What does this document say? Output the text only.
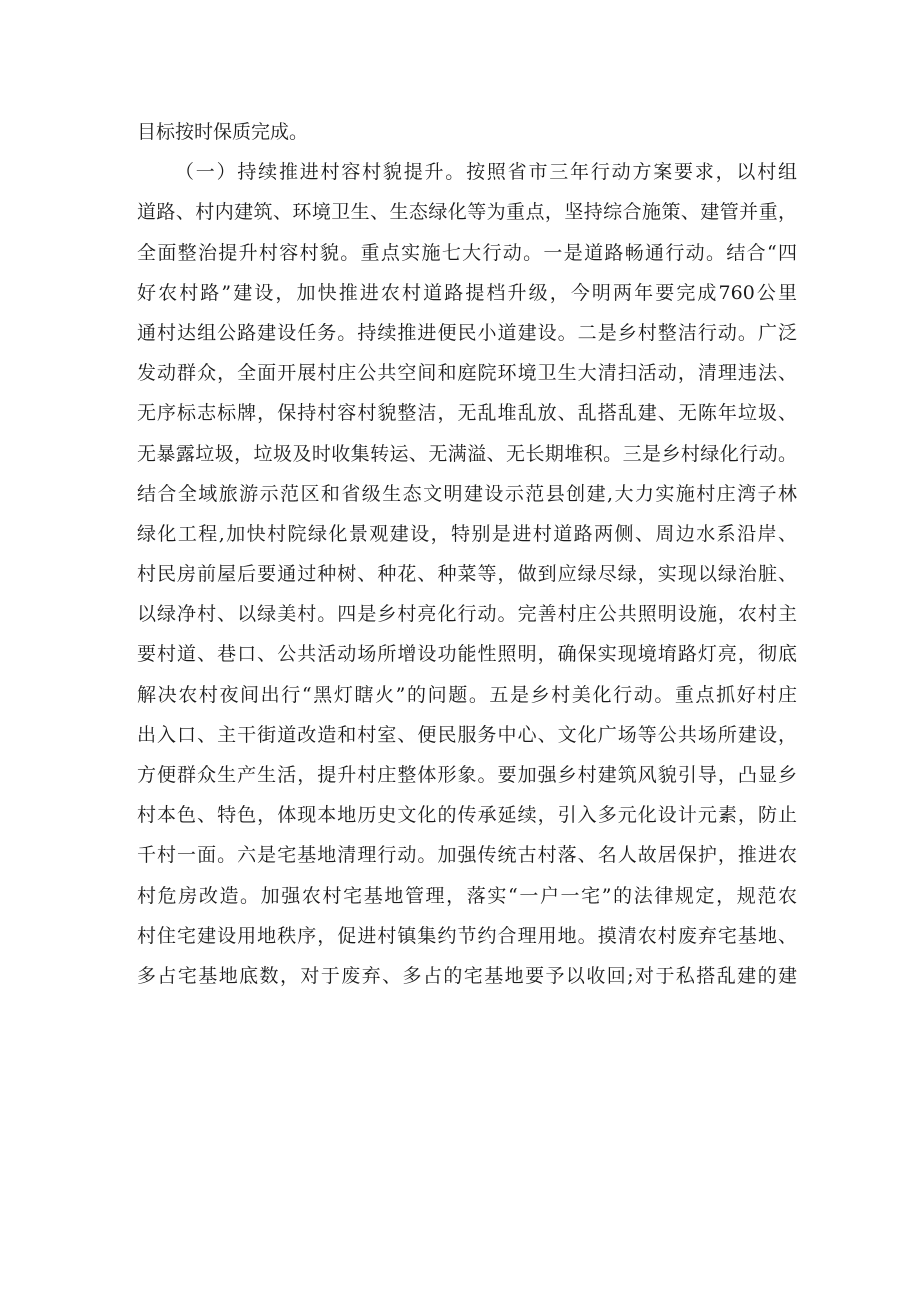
目标按时保质完成。
（一）持续推进村容村貌提升。按照省市三年行动方案要求，以村组
道路、村内建筑、环境卫生、生态绿化等为重点，坚持综合施策、建管并重，
全面整治提升村容村貌。重点实施七大行动。一是道路畅通行动。结合“四
好农村路”建设，加快推进农村道路提档升级，今明两年要完成760公里
通村达组公路建设任务。持续推进便民小道建设。二是乡村整洁行动。广泛
发动群众，全面开展村庄公共空间和庭院环境卫生大清扫活动，清理违法、
无序标志标牌，保持村容村貌整洁，无乱堆乱放、乱搭乱建、无陈年垃圾、
无暴露垃圾，垃圾及时收集转运、无满溢、无长期堆积。三是乡村绿化行动。
结合全域旅游示范区和省级生态文明建设示范县创建,大力实施村庄湾子林
绿化工程,加快村院绿化景观建设，特别是进村道路两侧、周边水系沿岸、
村民房前屋后要通过种树、种花、种菜等，做到应绿尽绿，实现以绿治脏、
以绿净村、以绿美村。四是乡村亮化行动。完善村庄公共照明设施，农村主
要村道、巷口、公共活动场所增设功能性照明，确保实现境堉路灯亮，彻底
解决农村夜间出行“黑灯瞎火”的问题。五是乡村美化行动。重点抓好村庄
出入口、主干街道改造和村室、便民服务中心、文化广场等公共场所建设，
方便群众生产生活，提升村庄整体形象。要加强乡村建筑风貌引导，凸显乡
村本色、特色，体现本地历史文化的传承延续，引入多元化设计元素，防止
千村一面。六是宅基地清理行动。加强传统古村落、名人故居保护，推进农
村危房改造。加强农村宅基地管理，落实“一户一宅”的法律规定，规范农
村住宅建设用地秩序，促进村镇集约节约合理用地。摸清农村废弃宅基地、
多占宅基地底数，对于废弃、多占的宅基地要予以收回;对于私搭乱建的建
